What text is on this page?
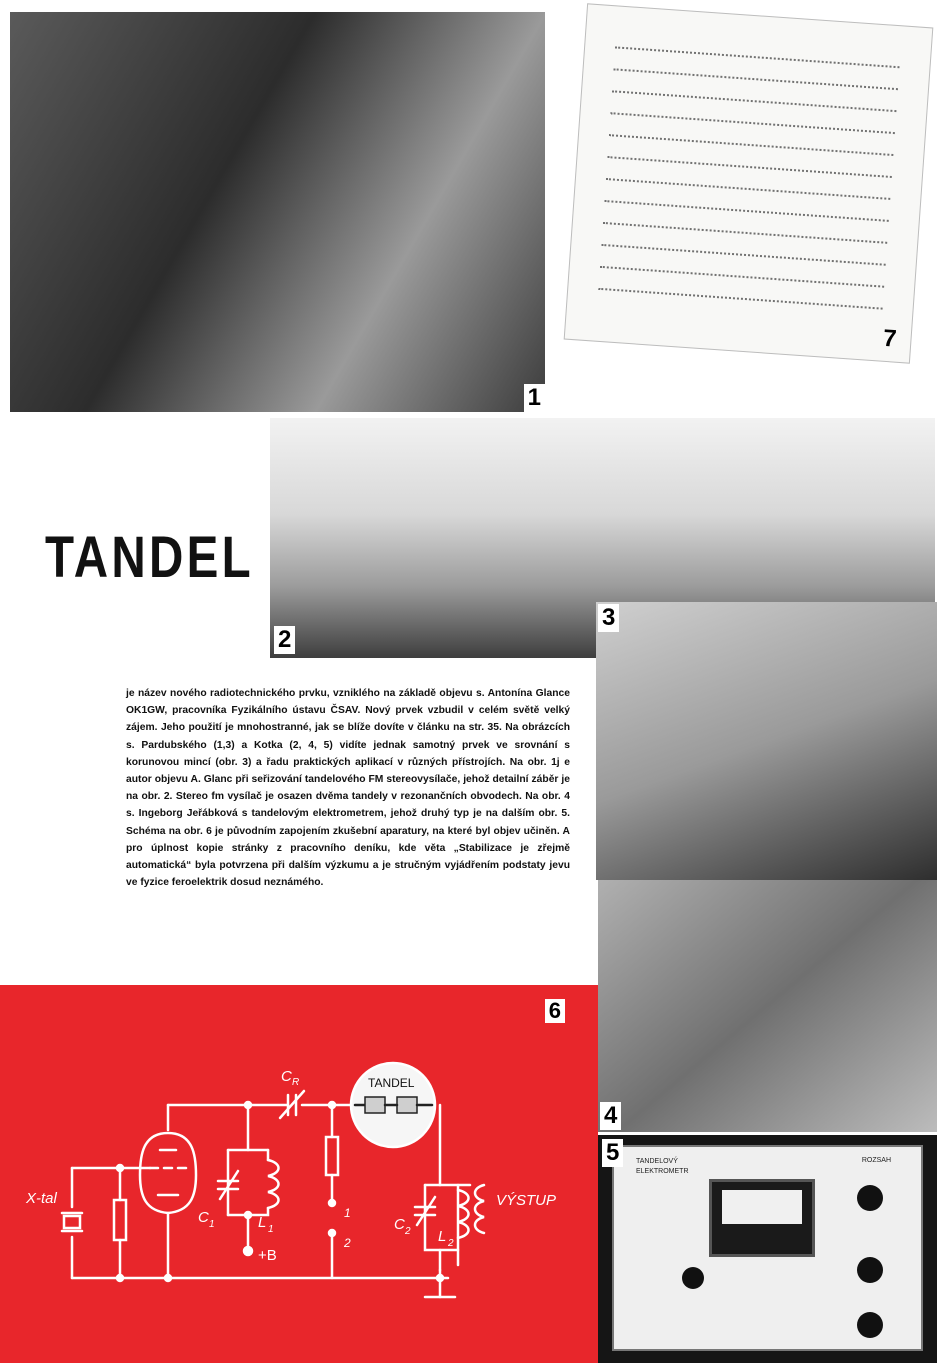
1
7
2
TANDEL

je název nového radiotechnického prvku, vzniklého na základě objevu s. Antonína Glance OK1GW, pracovníka Fyzikálního ústavu ČSAV. Nový prvek vzbudil v celém světě velký zájem. Jeho použití je mnohostranné, jak se blíže dovíte v článku na str. 35. Na obrázcích s. Pardubského (1,3) a Kotka (2, 4, 5) vidíte jednak samotný prvek ve srovnání s korunovou mincí (obr. 3) a řadu praktických aplikací v různých přístrojích. Na obr. 1j e autor objevu A. Glanc při seřizování tandelového FM stereovysílače, jehož detailní záběr je na obr. 2. Stereo fm vysílač je osazen dvěma tandely v rezonančních obvodech. Na obr. 4 s. Ingeborg Jeřábková s tandelovým elektrometrem, jehož druhý typ je na dalším obr. 5. Schéma na obr. 6 je původním zapojením zkušební aparatury, na které byl objev učiněn. A pro úplnost kopie stránky z pracovního deníku, kde věta „Stabilizace je zřejmě automatická“ byla potvrzena při dalším výzkumu a je stručným vyjádřením podstaty jevu ve fyzice feroelektrik dosud neznámého.

3
4
TANDELOVÝ ELEKTROMETR
ROZSAH
5
6
TANDEL
X-tal
C R
C 1	L 1
+B
1
2
C 2 L 2
VÝSTUP
